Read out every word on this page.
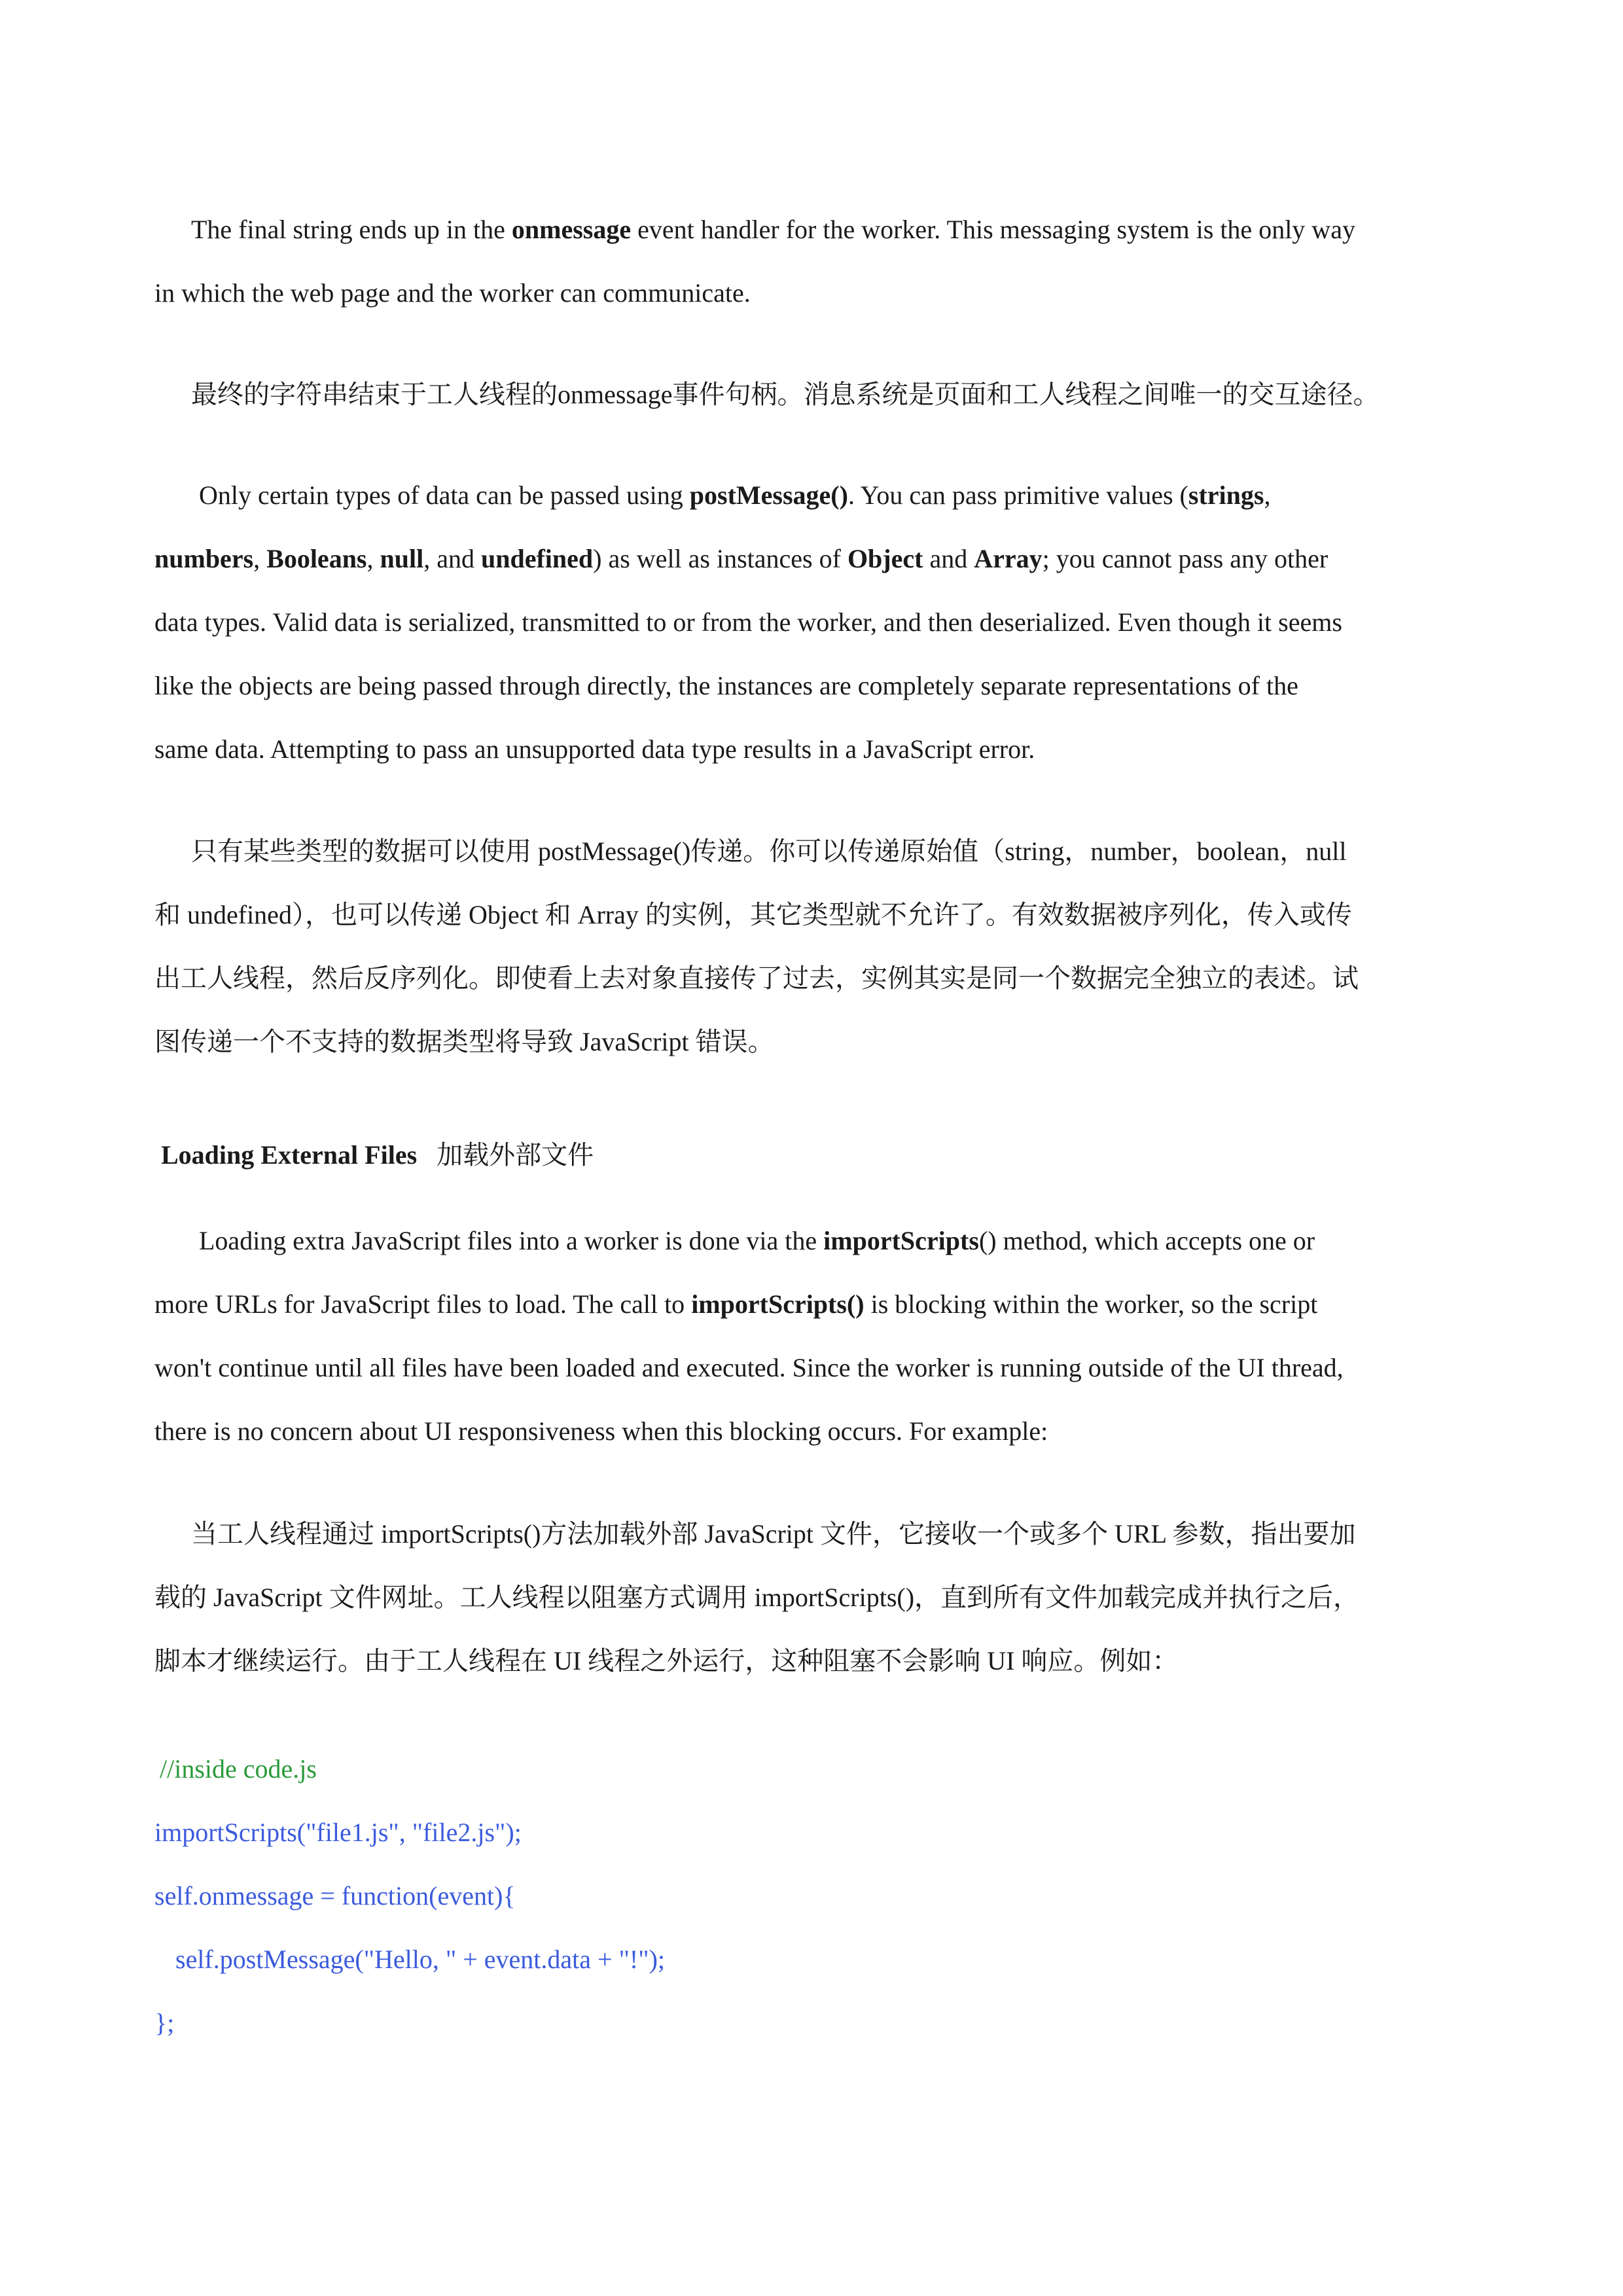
The final string ends up in the onmessage event handler for the worker. This messaging system is the only way
in which the web page and the worker can communicate.

最终的字符串结束于工人线程的onmessage事件句柄。消息系统是页面和工人线程之间唯一的交互途径。

Only certain types of data can be passed using postMessage(). You can pass primitive values (strings,
numbers, Booleans, null, and undefined) as well as instances of Object and Array; you cannot pass any other
data types. Valid data is serialized, transmitted to or from the worker, and then deserialized. Even though it seems
like the objects are being passed through directly, the instances are completely separate representations of the
same data. Attempting to pass an unsupported data type results in a JavaScript error.

只有某些类型的数据可以使用 postMessage()传递。你可以传递原始值（string，number，boolean，null
和 undefined），也可以传递 Object 和 Array 的实例，其它类型就不允许了。有效数据被序列化，传入或传
出工人线程，然后反序列化。即使看上去对象直接传了过去，实例其实是同一个数据完全独立的表述。试
图传递一个不支持的数据类型将导致 JavaScript 错误。

Loading External Files 加载外部文件

Loading extra JavaScript files into a worker is done via the importScripts() method, which accepts one or
more URLs for JavaScript files to load. The call to importScripts() is blocking within the worker, so the script
won't continue until all files have been loaded and executed. Since the worker is running outside of the UI thread,
there is no concern about UI responsiveness when this blocking occurs. For example:

当工人线程通过 importScripts()方法加载外部 JavaScript 文件，它接收一个或多个 URL 参数，指出要加
载的 JavaScript 文件网址。工人线程以阻塞方式调用 importScripts()，直到所有文件加载完成并执行之后，
脚本才继续运行。由于工人线程在 UI 线程之外运行，这种阻塞不会影响 UI 响应。例如：

//inside code.js
importScripts("file1.js", "file2.js");
self.onmessage = function(event){
self.postMessage("Hello, " + event.data + "!");
};
